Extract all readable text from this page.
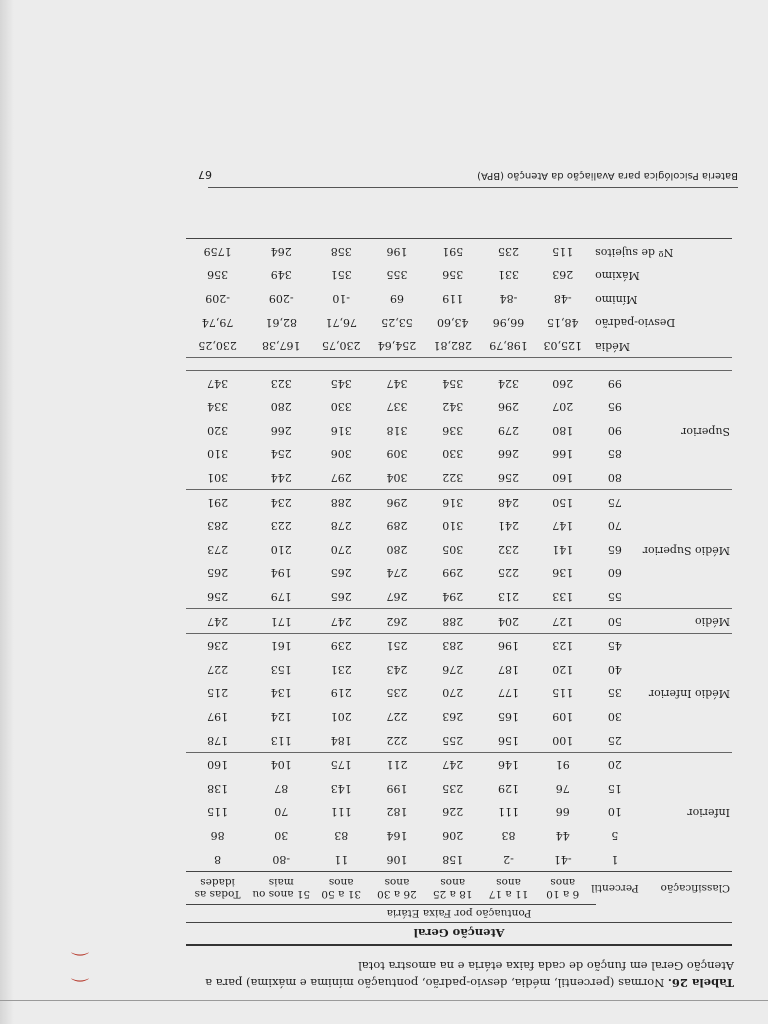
⌒ ⌒
Tabela 26. Normas (percentil, média, desvio-padrão, pontuação mínima e máxima) para a Atenção Geral em função de cada faixa etária e na amostra total
Atenção Geral
Pontuação por Faixa Etária
Classificação	Percentil	6 a 10 anos	11 a 17 anos	18 a 25 anos	26 a 30 anos	31 a 50 anos	51 anos ou mais	Todas as idades
Inferior	1	-41	-2	158	106	11	-80	8
	5	44	83	206	164	83	30	86
	10	66	111	226	182	111	70	115
	15	76	129	235	199	143	87	138
	20	91	146	247	211	175	104	160
Médio Inferior	25	100	156	255	222	184	113	178
	30	109	165	263	227	201	124	197
	35	115	177	270	235	219	134	215
	40	120	187	276	243	231	153	227
	45	123	196	283	251	239	161	236
Médio	50	127	204	288	262	247	171	247
Médio Superior	55	133	213	294	267	265	179	256
	60	136	225	299	274	265	194	265
	65	141	232	305	280	270	210	273
	70	147	241	310	289	278	223	283
	75	150	248	316	296	288	234	291
Superior	80	160	256	322	304	297	244	301
	85	166	266	330	309	306	254	310
	90	180	279	336	318	316	266	320
	95	207	296	342	337	330	280	334
	99	260	324	354	347	345	323	347

Média		125,03	198,79	282,81	254,64	230,75	167,38	230,25
Desvio-padrão		48,15	66,96	43,60	53,25	76,71	82,61	79,74
Mínimo		-48	-84	119	69	-10	-209	-209
Máximo		263	331	356	355	351	349	356
Nº de sujeitos		115	235	591	196	358	264	1759
Bateria Psicológica para Avaliação da Atenção (BPA)
67
